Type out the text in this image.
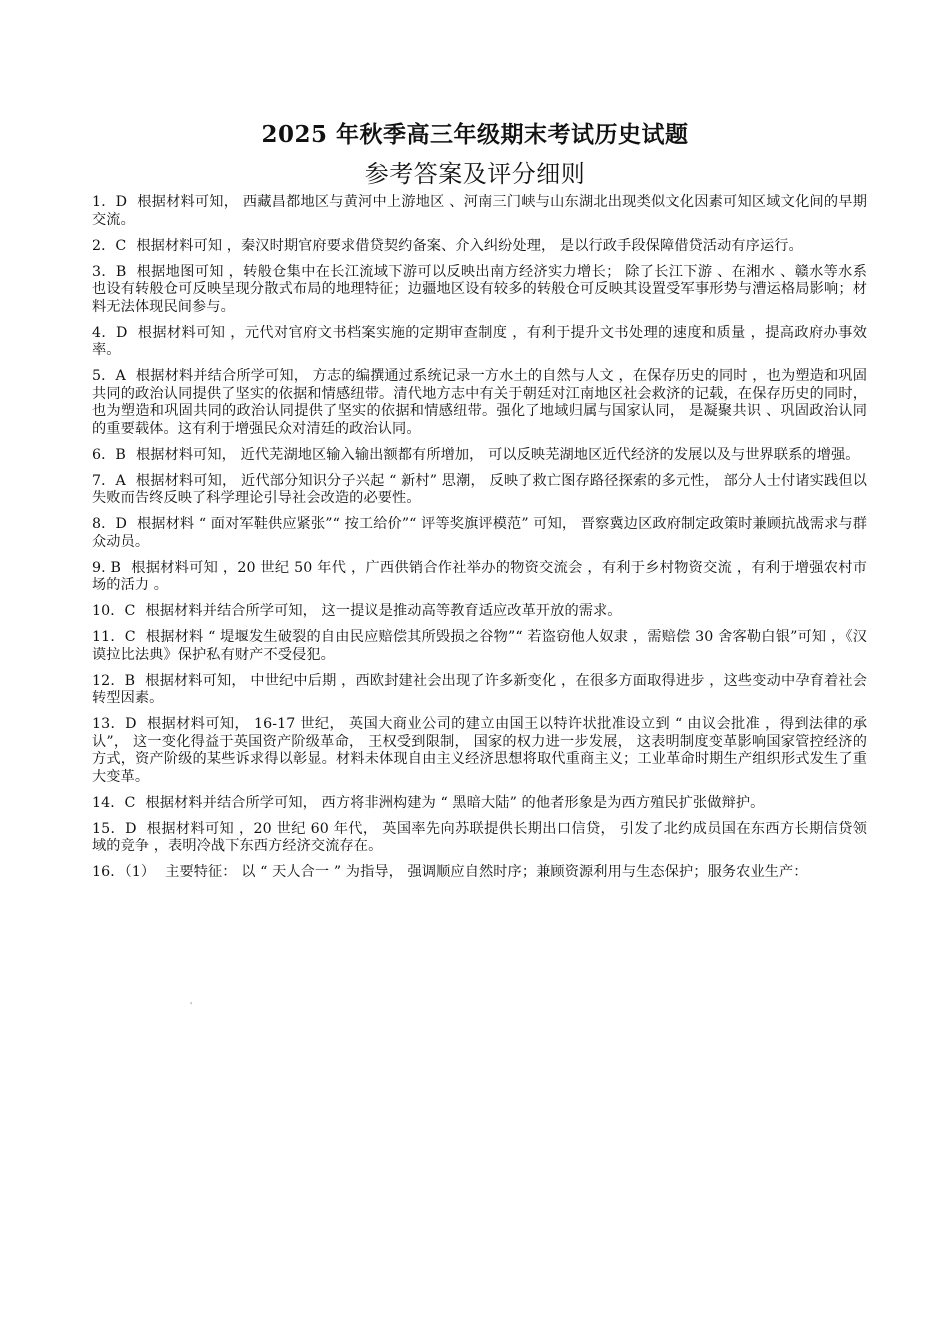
2025 年秋季高三年级期末考试历史试题
参考答案及评分细则
1．D 根据材料可知， 西藏昌都地区与黄河中上游地区 、河南三门峡与山东湖北出现类似文化因素可知区域文化间的早期交流。
2．C 根据材料可知 ，秦汉时期官府要求借贷契约备案、介入纠纷处理， 是以行政手段保障借贷活动有序运行。
3．B 根据地图可知 ，转般仓集中在长江流域下游可以反映出南方经济实力增长； 除了长江下游 、在湘水 、赣水等水系也设有转般仓可反映呈现分散式布局的地理特征；边疆地区设有较多的转般仓可反映其设置受军事形势与漕运格局影响；材料无法体现民间参与。
4．D 根据材料可知 ，元代对官府文书档案实施的定期审查制度 ，有利于提升文书处理的速度和质量 ，提高政府办事效率。
5．A 根据材料并结合所学可知， 方志的编撰通过系统记录一方水土的自然与人文 ，在保存历史的同时 ，也为塑造和巩固共同的政治认同提供了坚实的依据和情感纽带。清代地方志中有关于朝廷对江南地区社会救济的记载，在保存历史的同时，也为塑造和巩固共同的政治认同提供了坚实的依据和情感纽带。强化了地域归属与国家认同， 是凝聚共识 、巩固政治认同的重要载体。这有利于增强民众对清廷的政治认同。
6．B 根据材料可知， 近代芜湖地区输入输出额都有所增加， 可以反映芜湖地区近代经济的发展以及与世界联系的增强。
7．A 根据材料可知， 近代部分知识分子兴起 “ 新村” 思潮， 反映了救亡图存路径探索的多元性， 部分人士付诸实践但以失败而告终反映了科学理论引导社会改造的必要性。
8．D 根据材料 “ 面对军鞋供应紧张”“ 按工给价”“ 评等奖旗评模范” 可知， 晋察冀边区政府制定政策时兼顾抗战需求与群众动员。
9. B 根据材料可知 ，20 世纪 50 年代 ，广西供销合作社举办的物资交流会 ，有利于乡村物资交流 ，有利于增强农村市场的活力 。
10．C 根据材料并结合所学可知， 这一提议是推动高等教育适应改革开放的需求。
11．C 根据材料 “ 堤堰发生破裂的自由民应赔偿其所毁损之谷物”“ 若盗窃他人奴隶 ，需赔偿 30 舍客勒白银”可知 ，《汉谟拉比法典》保护私有财产不受侵犯。
12．B 根据材料可知， 中世纪中后期 ，西欧封建社会出现了许多新变化 ，在很多方面取得进步 ，这些变动中孕育着社会转型因素。
13．D 根据材料可知， 16-17 世纪， 英国大商业公司的建立由国王以特许状批准设立到 “ 由议会批准 ，得到法律的承认”， 这一变化得益于英国资产阶级革命， 王权受到限制， 国家的权力进一步发展， 这表明制度变革影响国家管控经济的方式，资产阶级的某些诉求得以彰显。材料未体现自由主义经济思想将取代重商主义；工业革命时期生产组织形式发生了重大变革。
14．C 根据材料并结合所学可知， 西方将非洲构建为 “ 黑暗大陆” 的他者形象是为西方殖民扩张做辩护。
15．D 根据材料可知 ，20 世纪 60 年代， 英国率先向苏联提供长期出口信贷， 引发了北约成员国在东西方长期信贷领域的竞争 ，表明冷战下东西方经济交流存在。
16．（1） 主要特征： 以 “ 天人合一 ” 为指导， 强调顺应自然时序；兼顾资源利用与生态保护；服务农业生产：
'
